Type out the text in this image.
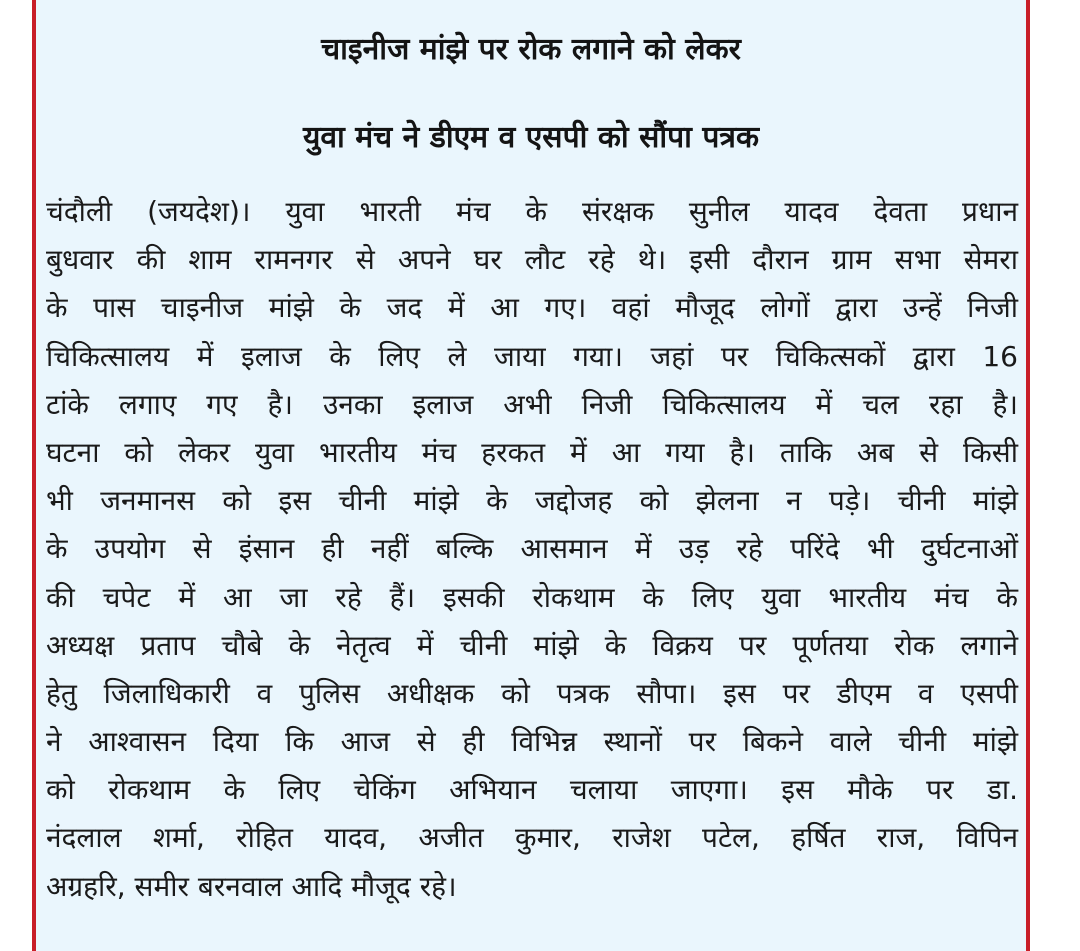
चाइनीज मांझे पर रोक लगाने को लेकर
युवा मंच ने डीएम व एसपी को सौंपा पत्रक
चंदौली (जयदेश)। युवा भारती मंच के संरक्षक सुनील यादव देवता प्रधान
बुधवार की शाम रामनगर से अपने घर लौट रहे थे। इसी दौरान ग्राम सभा सेमरा
के पास चाइनीज मांझे के जद में आ गए। वहां मौजूद लोगों द्वारा उन्हें निजी
चिकित्सालय में इलाज के लिए ले जाया गया। जहां पर चिकित्सकों द्वारा 16
टांके लगाए गए है। उनका इलाज अभी निजी चिकित्सालय में चल रहा है।
घटना को लेकर युवा भारतीय मंच हरकत में आ गया है। ताकि अब से किसी
भी जनमानस को इस चीनी मांझे के जद्दोजह को झेलना न पड़े। चीनी मांझे
के उपयोग से इंसान ही नहीं बल्कि आसमान में उड़ रहे परिंदे भी दुर्घटनाओं
की चपेट में आ जा रहे हैं। इसकी रोकथाम के लिए युवा भारतीय मंच के
अध्यक्ष प्रताप चौबे के नेतृत्व में चीनी मांझे के विक्रय पर पूर्णतया रोक लगाने
हेतु जिलाधिकारी व पुलिस अधीक्षक को पत्रक सौपा। इस पर डीएम व एसपी
ने आश्वासन दिया कि आज से ही विभिन्न स्थानों पर बिकने वाले चीनी मांझे
को रोकथाम के लिए चेकिंग अभियान चलाया जाएगा। इस मौके पर डा.
नंदलाल शर्मा, रोहित यादव, अजीत कुमार, राजेश पटेल, हर्षित राज, विपिन
अग्रहरि, समीर बरनवाल आदि मौजूद रहे।
